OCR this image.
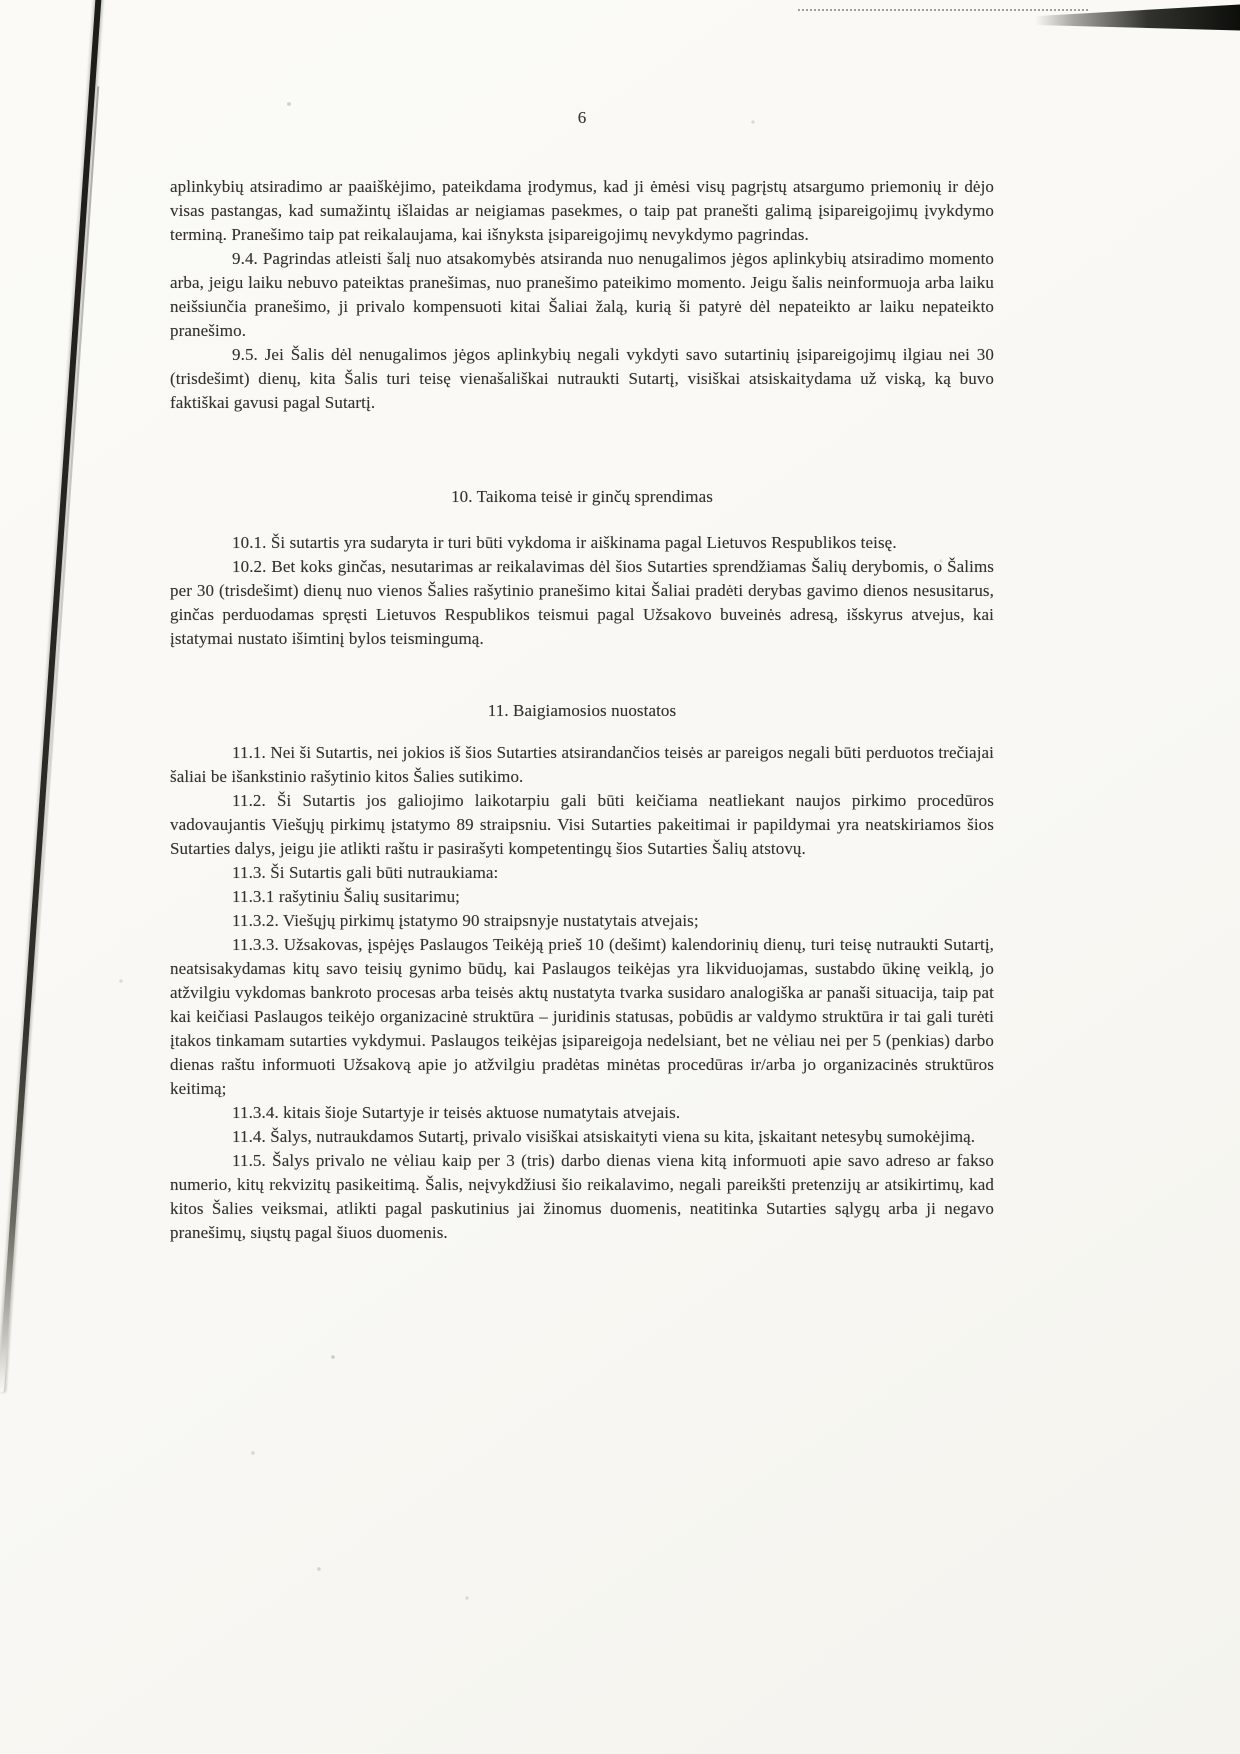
6

aplinkybių atsiradimo ar paaiškėjimo, pateikdama įrodymus, kad ji ėmėsi visų pagrįstų atsargumo priemonių ir dėjo visas pastangas, kad sumažintų išlaidas ar neigiamas pasekmes, o taip pat pranešti galimą įsipareigojimų įvykdymo terminą. Pranešimo taip pat reikalaujama, kai išnyksta įsipareigojimų nevykdymo pagrindas.

9.4. Pagrindas atleisti šalį nuo atsakomybės atsiranda nuo nenugalimos jėgos aplinkybių atsiradimo momento arba, jeigu laiku nebuvo pateiktas pranešimas, nuo pranešimo pateikimo momento. Jeigu šalis neinformuoja arba laiku neišsiunčia pranešimo, ji privalo kompensuoti kitai Šaliai žalą, kurią ši patyrė dėl nepateikto ar laiku nepateikto pranešimo.

9.5. Jei Šalis dėl nenugalimos jėgos aplinkybių negali vykdyti savo sutartinių įsipareigojimų ilgiau nei 30 (trisdešimt) dienų, kita Šalis turi teisę vienašališkai nutraukti Sutartį, visiškai atsiskaitydama už viską, ką buvo faktiškai gavusi pagal Sutartį.

10. Taikoma teisė ir ginčų sprendimas

10.1. Ši sutartis yra sudaryta ir turi būti vykdoma ir aiškinama pagal Lietuvos Respublikos teisę.

10.2. Bet koks ginčas, nesutarimas ar reikalavimas dėl šios Sutarties sprendžiamas Šalių derybomis, o Šalims per 30 (trisdešimt) dienų nuo vienos Šalies rašytinio pranešimo kitai Šaliai pradėti derybas gavimo dienos nesusitarus, ginčas perduodamas spręsti Lietuvos Respublikos teismui pagal Užsakovo buveinės adresą, išskyrus atvejus, kai įstatymai nustato išimtinį bylos teismingumą.

11. Baigiamosios nuostatos

11.1. Nei ši Sutartis, nei jokios iš šios Sutarties atsirandančios teisės ar pareigos negali būti perduotos trečiajai šaliai be išankstinio rašytinio kitos Šalies sutikimo.

11.2. Ši Sutartis jos galiojimo laikotarpiu gali būti keičiama neatliekant naujos pirkimo procedūros vadovaujantis Viešųjų pirkimų įstatymo 89 straipsniu. Visi Sutarties pakeitimai ir papildymai yra neatskiriamos šios Sutarties dalys, jeigu jie atlikti raštu ir pasirašyti kompetentingų šios Sutarties Šalių atstovų.

11.3. Ši Sutartis gali būti nutraukiama:

11.3.1 rašytiniu Šalių susitarimu;

11.3.2. Viešųjų pirkimų įstatymo 90 straipsnyje nustatytais atvejais;

11.3.3. Užsakovas, įspėjęs Paslaugos Teikėją prieš 10 (dešimt) kalendorinių dienų, turi teisę nutraukti Sutartį, neatsisakydamas kitų savo teisių gynimo būdų, kai Paslaugos teikėjas yra likviduojamas, sustabdo ūkinę veiklą, jo atžvilgiu vykdomas bankroto procesas arba teisės aktų nustatyta tvarka susidaro analogiška ar panaši situacija, taip pat kai keičiasi Paslaugos teikėjo organizacinė struktūra – juridinis statusas, pobūdis ar valdymo struktūra ir tai gali turėti įtakos tinkamam sutarties vykdymui. Paslaugos teikėjas įsipareigoja nedelsiant, bet ne vėliau nei per 5 (penkias) darbo dienas raštu informuoti Užsakovą apie jo atžvilgiu pradėtas minėtas procedūras ir/arba jo organizacinės struktūros keitimą;

11.3.4. kitais šioje Sutartyje ir teisės aktuose numatytais atvejais.

11.4. Šalys, nutraukdamos Sutartį, privalo visiškai atsiskaityti viena su kita, įskaitant netesybų sumokėjimą.

11.5. Šalys privalo ne vėliau kaip per 3 (tris) darbo dienas viena kitą informuoti apie savo adreso ar fakso numerio, kitų rekvizitų pasikeitimą. Šalis, neįvykdžiusi šio reikalavimo, negali pareikšti pretenzijų ar atsikirtimų, kad kitos Šalies veiksmai, atlikti pagal paskutinius jai žinomus duomenis, neatitinka Sutarties sąlygų arba ji negavo pranešimų, siųstų pagal šiuos duomenis.
